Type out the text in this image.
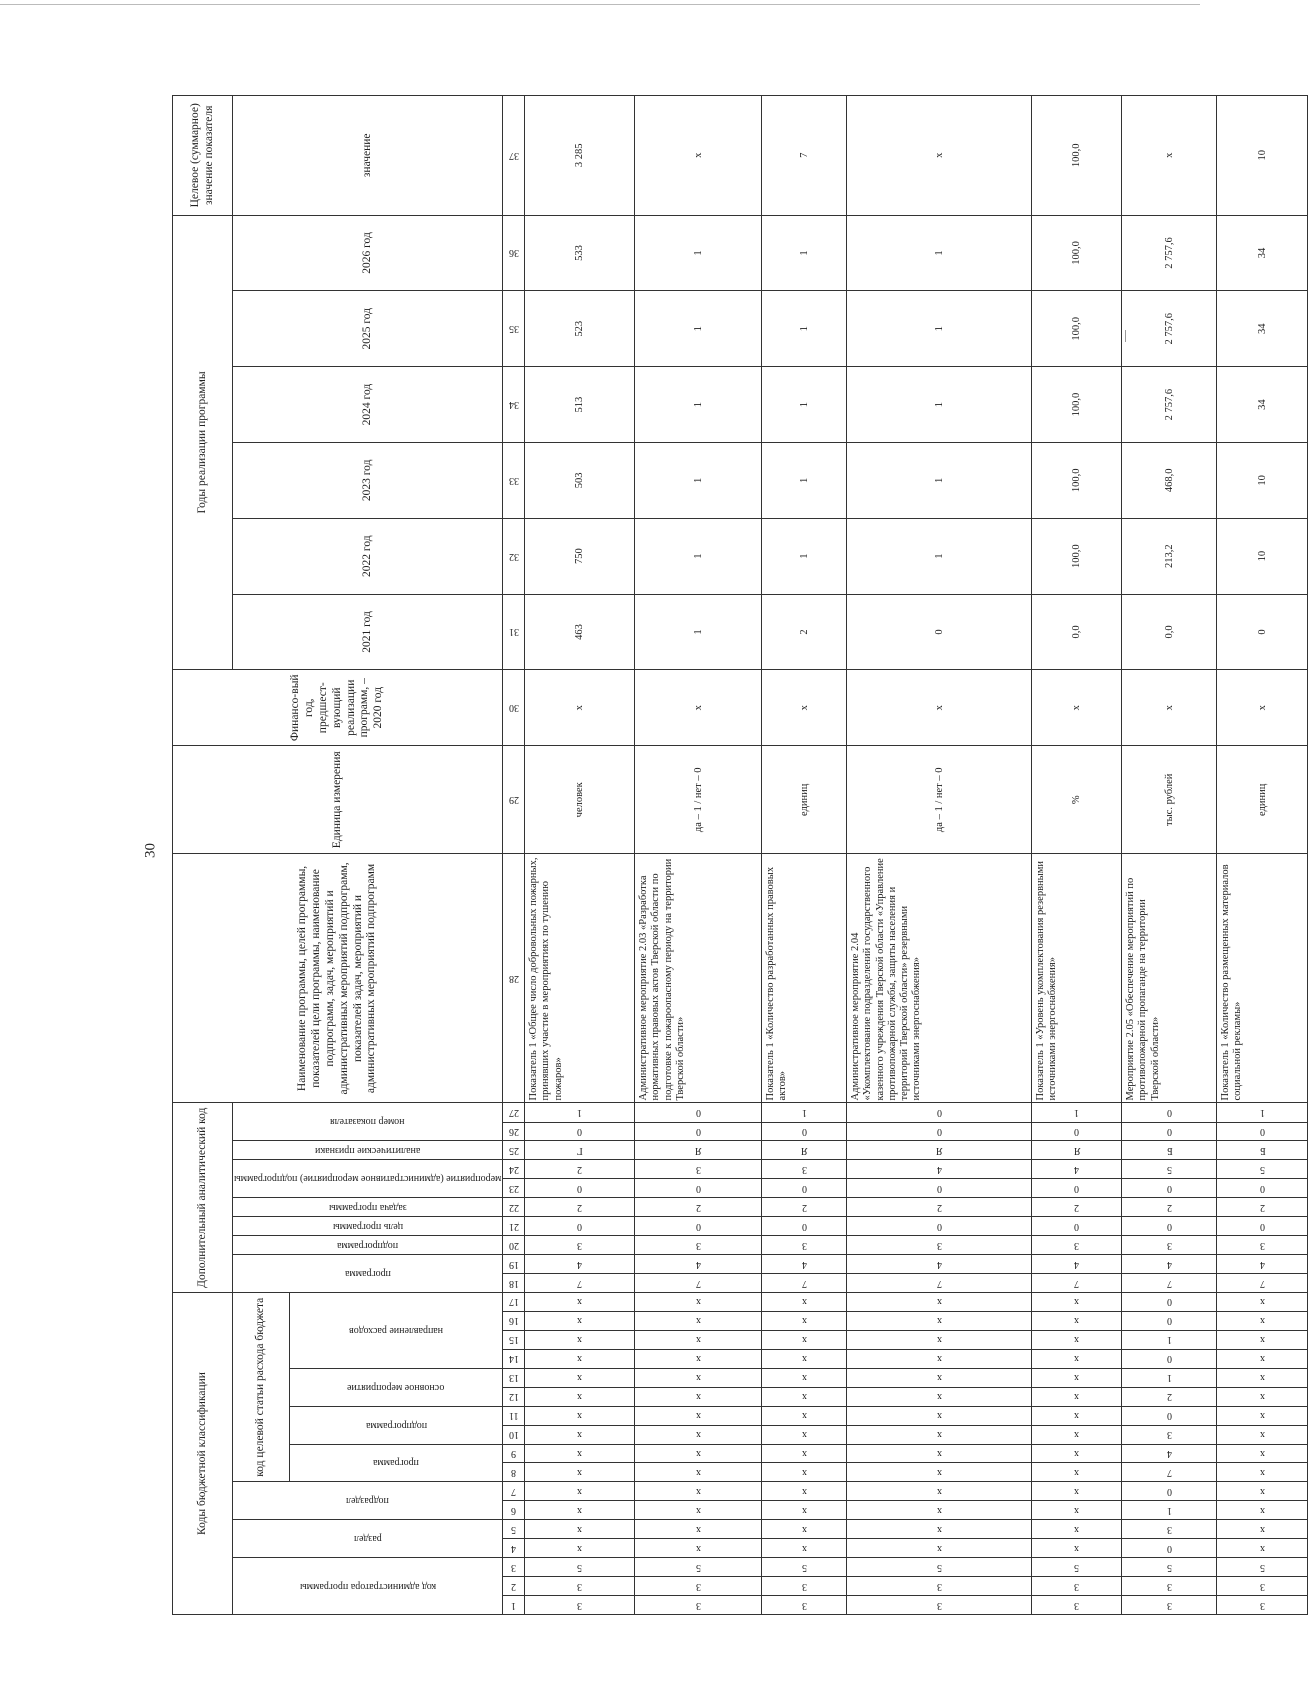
30
Коды бюджетной классификации																	Дополнительный аналитический код										Наименование программы, целей программы, показателей цели программы, наименование подпрограмм, задач, мероприятий и административных мероприятий подпрограмм, показателей задач, мероприятий и административных мероприятий подпрограмм	Единица измерения	Финансо-вый год, предшест-вующий реализации программ, – 2020 год	Годы реализации программы						Целевое (суммарное) значение показателя

код администратора программы			раздел		подраздел		код целевой статьи расхода бюджета										программа		подпрограмма	цель программы	задача программы	мероприятие (административное мероприятие) подпрограммы		аналитические признаки	номер показателя					2021 год	2022 год	2023 год	2024 год	2025 год	2026 год	значение

							программа		подпрограмма		основное мероприятие		направление расходов																							

1	2	3	4	5	6	7	8	9	10	11	12	13	14	15	16	17	18	19	20	21	22	23	24	25	26	27	28	29	30	31	32	33	34	35	36	37

3	3	5	x	x	x	x	x	x	x	x	x	x	x	x	x	x	7	4	3	0	2	0	2	Г	0	1	Показатель 1 «Общее число добровольных пожарных, принявших участие в мероприятиях по тушению пожаров»	человек	x	463	750	503	513	523	533	3 285

3	3	5	x	x	x	x	x	x	x	x	x	x	x	x	x	x	7	4	3	0	2	0	3	Я	0	0	Административное мероприятие 2.03 «Разработка нормативных правовых актов Тверской области по подготовке к пожароопасному периоду на территории Тверской области»	да – 1 / нет – 0	x	1	1	1	1	1	1	x

3	3	5	x	x	x	x	x	x	x	x	x	x	x	x	x	x	7	4	3	0	2	0	3	Я	0	1	Показатель 1 «Количество разработанных правовых актов»	единиц	x	2	1	1	1	1	1	7

3	3	5	x	x	x	x	x	x	x	x	x	x	x	x	x	x	7	4	3	0	2	0	4	Я	0	0	Административное мероприятие 2.04 «Укомплектование подразделений государственного казенного учреждения Тверской области «Управление противопожарной службы, защиты населения и территорий Тверской области» резервными источниками энергоснабжения»	да – 1 / нет – 0	x	0	1	1	1	1	1	x

3	3	5	x	x	x	x	x	x	x	x	x	x	x	x	x	x	7	4	3	0	2	0	4	Я	0	1	Показатель 1 «Уровень укомплектования резервными источниками энергоснабжения»	%	x	0,0	100,0	100,0	100,0	100,0	100,0	100,0

3	3	5	0	3	1	0	7	4	3	0	2	1	0	1	0	0	7	4	3	0	2	0	5	Б	0	0	Мероприятие 2.05 «Обеспечение мероприятий по противопожарной пропаганде на территории Тверской области»	тыс. рублей	x	0,0	213,2	468,0	2 757,6	2 757,6	2 757,6	x

3	3	5	x	x	x	x	x	x	x	x	x	x	x	x	x	x	7	4	3	0	2	0	5	Б	0	1	Показатель 1 «Количество размещенных материалов социальной рекламы»	единиц	x	0	10	10	34	34	34	10
